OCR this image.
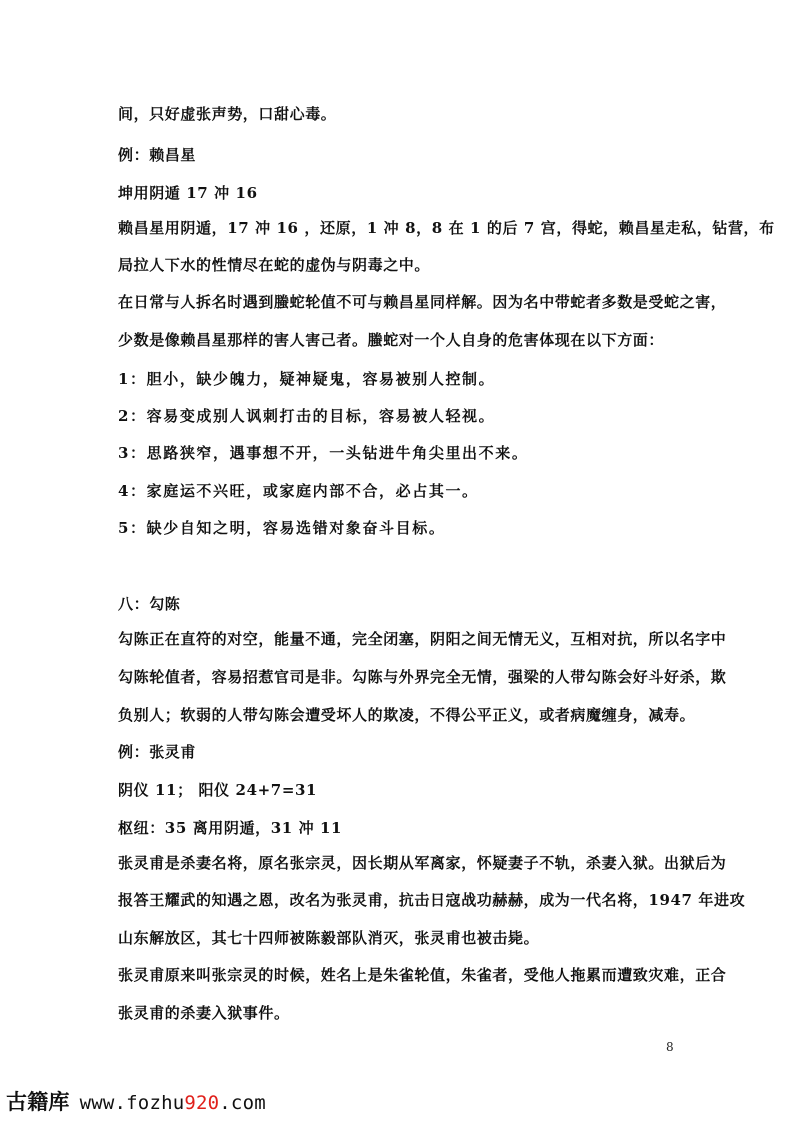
间，只好虚张声势，口甜心毒。
例：赖昌星
坤用阴遁 17 冲 16
赖昌星用阴遁，17 冲 16 ，还原，1 冲 8，8 在 1 的后 7 宫，得蛇，赖昌星走私，钻营，布
局拉人下水的性情尽在蛇的虚伪与阴毒之中。
在日常与人拆名时遇到螣蛇轮值不可与赖昌星同样解。因为名中带蛇者多数是受蛇之害，
少数是像赖昌星那样的害人害己者。螣蛇对一个人自身的危害体现在以下方面：
1：胆小，缺少魄力，疑神疑鬼，容易被别人控制。
2：容易变成别人讽刺打击的目标，容易被人轻视。
3：思路狭窄，遇事想不开，一头钻进牛角尖里出不来。
4：家庭运不兴旺，或家庭内部不合，必占其一。
5：缺少自知之明，容易选错对象奋斗目标。
八：勾陈
勾陈正在直符的对空，能量不通，完全闭塞，阴阳之间无情无义，互相对抗，所以名字中
勾陈轮值者，容易招惹官司是非。勾陈与外界完全无情，强梁的人带勾陈会好斗好杀，欺
负别人；软弱的人带勾陈会遭受坏人的欺凌，不得公平正义，或者病魔缠身，减寿。
例：张灵甫
阴仪 11； 阳仪 24+7=31
枢纽：35 离用阴遁，31 冲 11
张灵甫是杀妻名将，原名张宗灵，因长期从军离家，怀疑妻子不轨，杀妻入狱。出狱后为
报答王耀武的知遇之恩，改名为张灵甫，抗击日寇战功赫赫，成为一代名将，1947 年进攻
山东解放区，其七十四师被陈毅部队消灭，张灵甫也被击毙。
张灵甫原来叫张宗灵的时候，姓名上是朱雀轮值，朱雀者，受他人拖累而遭致灾难，正合
张灵甫的杀妻入狱事件。
8
古籍库 www.fozhu920.com
